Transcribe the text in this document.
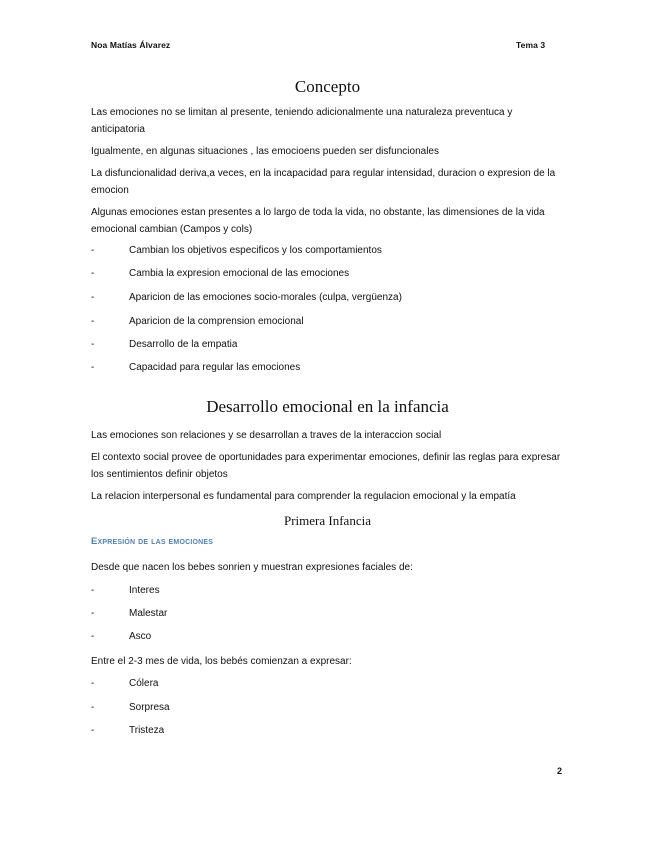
Noa Matías Álvarez	Tema 3
Concepto
Las emociones no se limitan al presente, teniendo adicionalmente una naturaleza preventuca y anticipatoria
Igualmente, en algunas situaciones , las emocioens pueden ser disfuncionales
La disfuncionalidad deriva,a veces, en la incapacidad para regular intensidad, duracion o expresion de la emocion
Algunas emociones estan presentes a lo largo de toda la vida, no obstante, las dimensiones de la vida emocional cambian (Campos y cols)
-	Cambian los objetivos especificos y los comportamientos
-	Cambia la expresion emocional de las emociones
-	Aparicion de las emociones socio-morales (culpa, vergüenza)
-	Aparicion de la comprension emocional
-	Desarrollo de la empatia
-	Capacidad para regular las emociones
Desarrollo emocional en la infancia
Las emociones son relaciones y se desarrollan a traves de la interaccion social
El contexto social provee de oportunidades para experimentar emociones, definir las reglas para expresar los sentimientos definir objetos
La relacion interpersonal es fundamental para comprender la regulacion emocional y la empatía
Primera Infancia
Expresión de las emociones
Desde que nacen los bebes sonrien y muestran expresiones faciales de:
-	Interes
-	Malestar
-	Asco
Entre el 2-3 mes de vida, los bebés comienzan a expresar:
-	Cólera
-	Sorpresa
-	Tristeza
2
